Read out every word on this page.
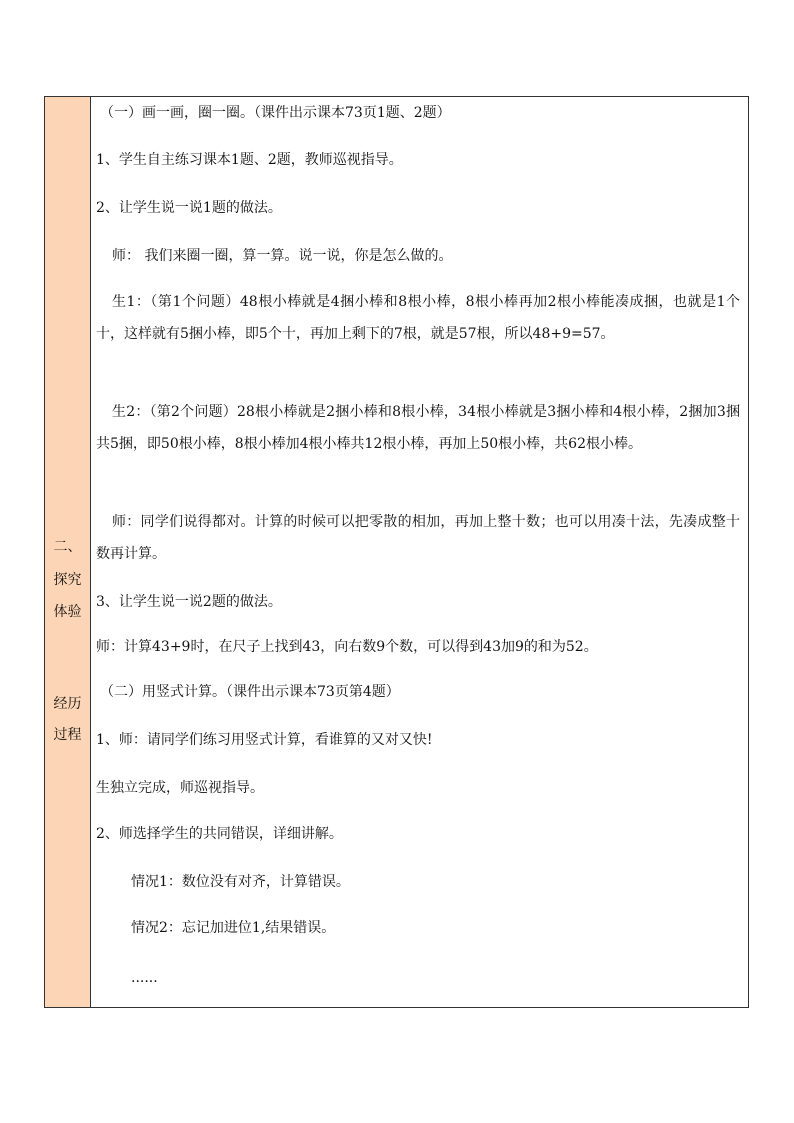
二、
探究
体验
经历
过程
（一）画一画，圈一圈。（课件出示课本73页1题、2题）
1、学生自主练习课本1题、2题，教师巡视指导。
2、让学生说一说1题的做法。
师： 我们来圈一圈，算一算。说一说，你是怎么做的。
生1：（第1个问题）48根小棒就是4捆小棒和8根小棒，8根小棒再加2根小棒能凑成捆，也就是1个十，这样就有5捆小棒，即5个十，再加上剩下的7根，就是57根，所以48+9=57。
生2：（第2个问题）28根小棒就是2捆小棒和8根小棒，34根小棒就是3捆小棒和4根小棒，2捆加3捆共5捆，即50根小棒，8根小棒加4根小棒共12根小棒，再加上50根小棒，共62根小棒。
师：同学们说得都对。计算的时候可以把零散的相加，再加上整十数；也可以用凑十法，先凑成整十数再计算。
3、让学生说一说2题的做法。
师：计算43+9时，在尺子上找到43，向右数9个数，可以得到43加9的和为52。
（二）用竖式计算。（课件出示课本73页第4题）
1、师：请同学们练习用竖式计算，看谁算的又对又快!
生独立完成，师巡视指导。
2、师选择学生的共同错误，详细讲解。
情况1：数位没有对齐，计算错误。
情况2：忘记加进位1,结果错误。
......
